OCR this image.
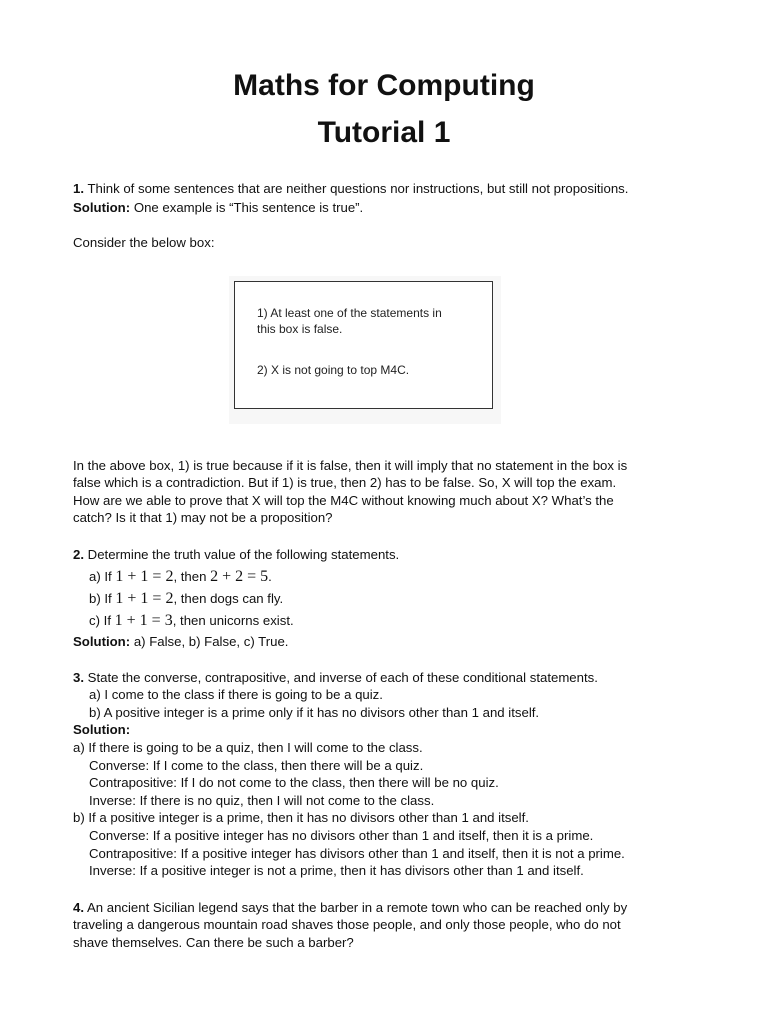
Maths for Computing
Tutorial 1

1. Think of some sentences that are neither questions nor instructions, but still not propositions.

Solution: One example is “This sentence is true”.

Consider the below box:

1) At least one of the statements in
this box is false.
2) X is not going to top M4C.
In the above box, 1) is true because if it is false, then it will imply that no statement in the box is
false which is a contradiction. But if 1) is true, then 2) has to be false. So, X will top the exam.
How are we able to prove that X will top the M4C without knowing much about X? What’s the
catch? Is it that 1) may not be a proposition?

2. Determine the truth value of the following statements.

a) If 1 + 1 = 2, then 2 + 2 = 5.

b) If 1 + 1 = 2, then dogs can fly.

c) If 1 + 1 = 3, then unicorns exist.

Solution: a) False, b) False, c) True.

3. State the converse, contrapositive, and inverse of each of these conditional statements.

a) I come to the class if there is going to be a quiz.

b) A positive integer is a prime only if it has no divisors other than 1 and itself.

Solution:

a) If there is going to be a quiz, then I will come to the class.

Converse: If I come to the class, then there will be a quiz.

Contrapositive: If I do not come to the class, then there will be no quiz.

Inverse: If there is no quiz, then I will not come to the class.

b) If a positive integer is a prime, then it has no divisors other than 1 and itself.

Converse: If a positive integer has no divisors other than 1 and itself, then it is a prime.

Contrapositive: If a positive integer has divisors other than 1 and itself, then it is not a prime.

Inverse: If a positive integer is not a prime, then it has divisors other than 1 and itself.

4. An ancient Sicilian legend says that the barber in a remote town who can be reached only by
traveling a dangerous mountain road shaves those people, and only those people, who do not
shave themselves. Can there be such a barber?
